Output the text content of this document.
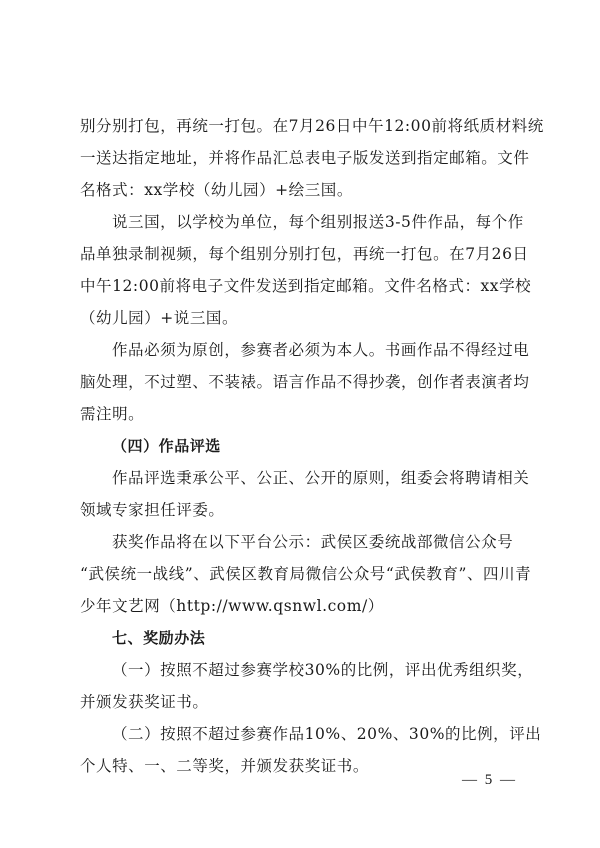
别分别打包，再统一打包。在7月26日中午12:00前将纸质材料统
一送达指定地址，并将作品汇总表电子版发送到指定邮箱。文件
名格式：xx学校（幼儿园）+绘三国。
说三国，以学校为单位，每个组别报送3-5件作品，每个作
品单独录制视频，每个组别分别打包，再统一打包。在7月26日
中午12:00前将电子文件发送到指定邮箱。文件名格式：xx学校
（幼儿园）+说三国。
作品必须为原创，参赛者必须为本人。书画作品不得经过电
脑处理，不过塑、不装裱。语言作品不得抄袭，创作者表演者均
需注明。
（四）作品评选
作品评选秉承公平、公正、公开的原则，组委会将聘请相关
领域专家担任评委。
获奖作品将在以下平台公示：武侯区委统战部微信公众号
“武侯统一战线”、武侯区教育局微信公众号“武侯教育”、四川青
少年文艺网（http://www.qsnwl.com/）
七、奖励办法
（一）按照不超过参赛学校30%的比例，评出优秀组织奖，
并颁发获奖证书。
（二）按照不超过参赛作品10%、20%、30%的比例，评出
个人特、一、二等奖，并颁发获奖证书。
— 5 —
